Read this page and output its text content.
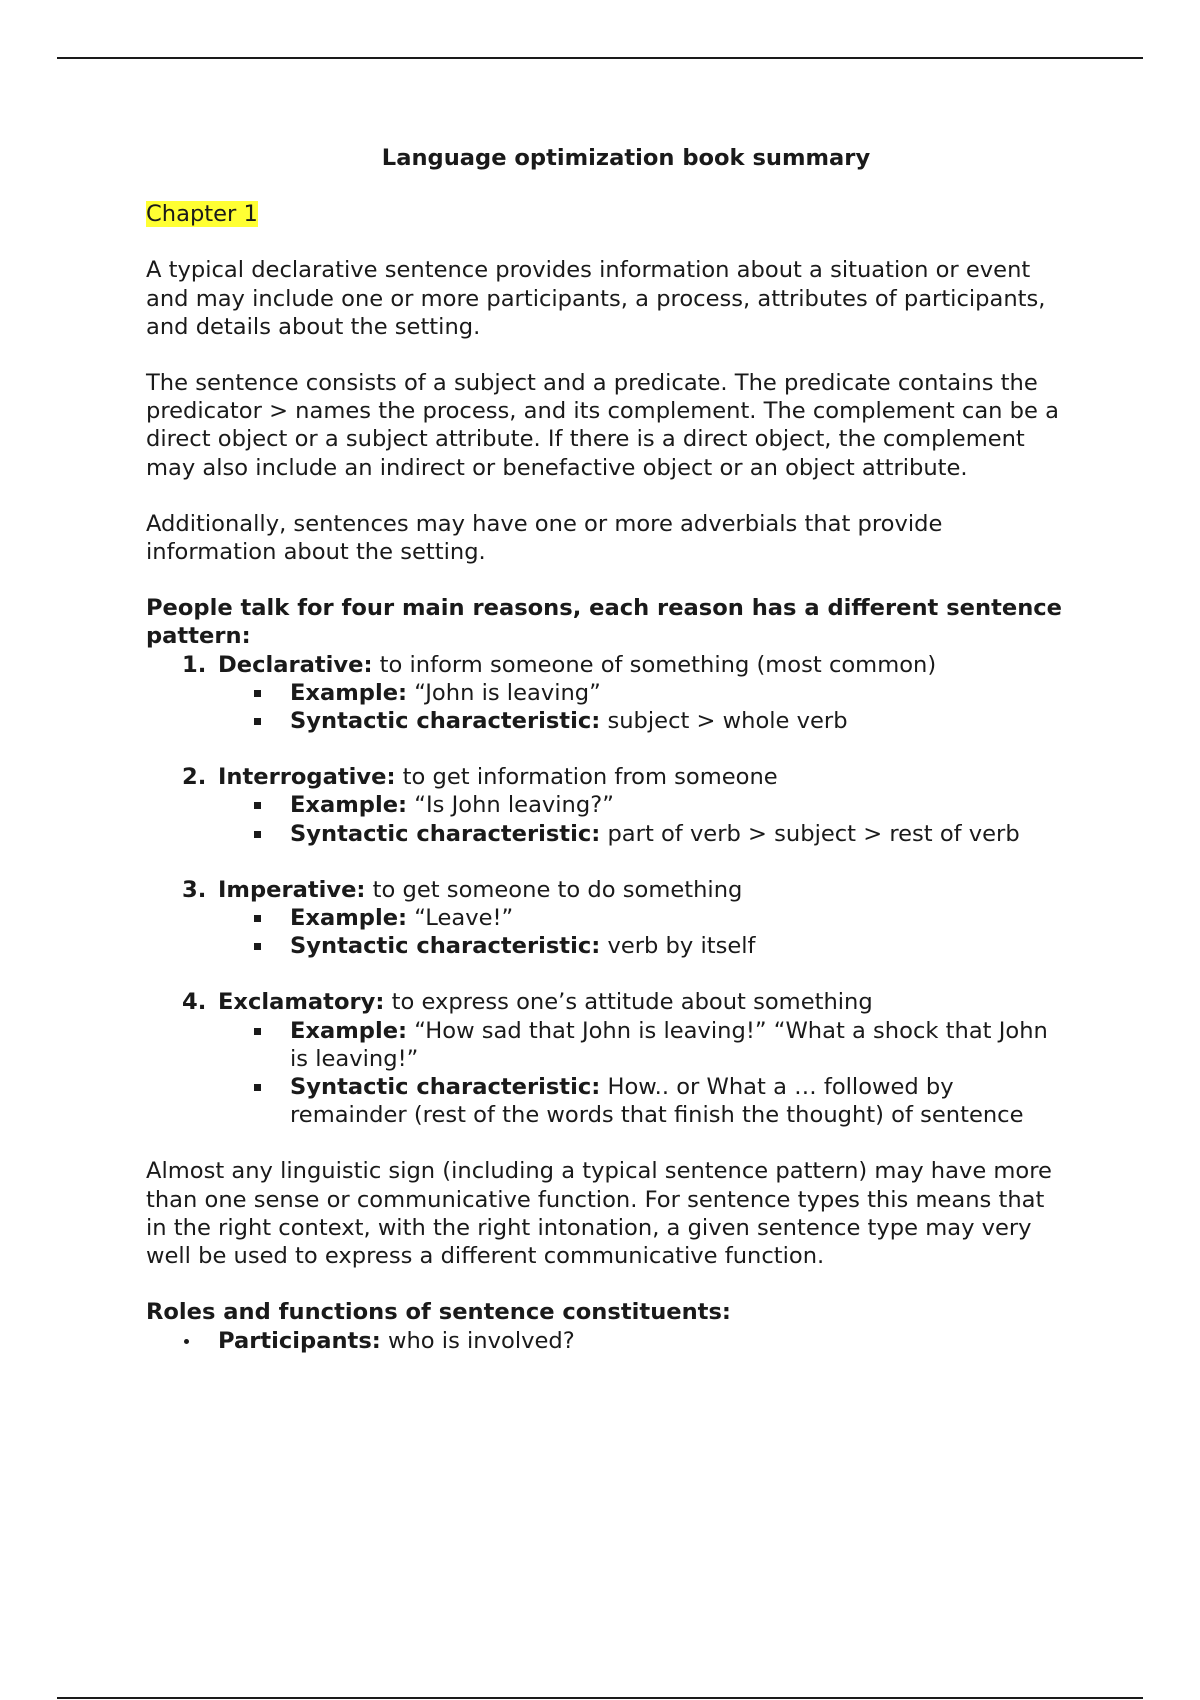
Language optimization book summary
Chapter 1

A typical declarative sentence provides information about a situation or event and may include one or more participants, a process, attributes of participants, and details about the setting.

The sentence consists of a subject and a predicate. The predicate contains the predicator > names the process, and its complement. The complement can be a direct object or a subject attribute. If there is a direct object, the complement may also include an indirect or benefactive object or an object attribute.

Additionally, sentences may have one or more adverbials that provide information about the setting.

People talk for four main reasons, each reason has a different sentence pattern:
1. Declarative: to inform someone of something (most common)
Example: “John is leaving”
Syntactic characteristic: subject > whole verb
2. Interrogative: to get information from someone
Example: “Is John leaving?”
Syntactic characteristic: part of verb > subject > rest of verb
3. Imperative: to get someone to do something
Example: “Leave!”
Syntactic characteristic: verb by itself
4. Exclamatory: to express one’s attitude about something
Example: “How sad that John is leaving!” “What a shock that John is leaving!”
Syntactic characteristic: How.. or What a … followed by remainder (rest of the words that finish the thought) of sentence

Almost any linguistic sign (including a typical sentence pattern) may have more than one sense or communicative function. For sentence types this means that in the right context, with the right intonation, a given sentence type may very well be used to express a different communicative function.

Roles and functions of sentence constituents:
Participants: who is involved?
